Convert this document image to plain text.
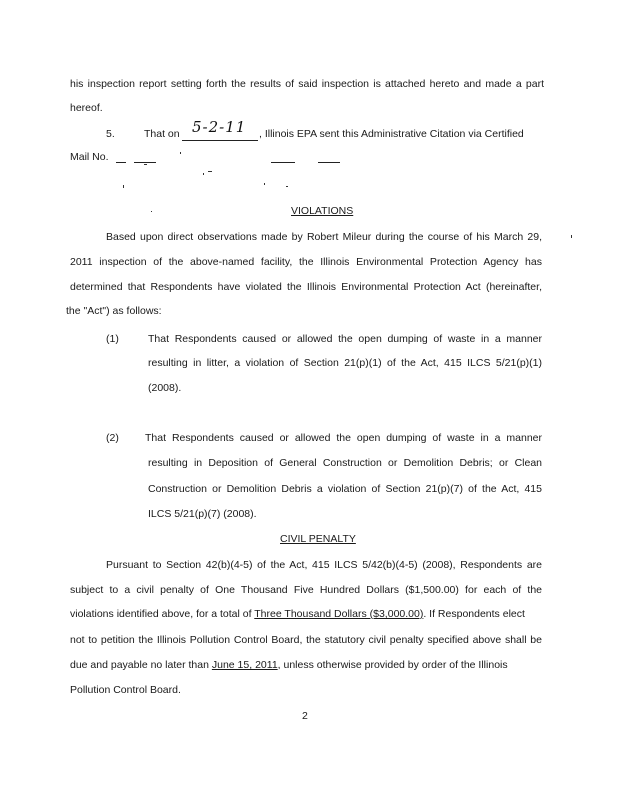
his inspection report setting forth the results of said inspection is attached hereto and made a part
hereof.
5.	That on 5-2-11 , Illinois EPA sent this Administrative Citation via Certified
Mail No.
VIOLATIONS
Based upon direct observations made by Robert Mileur during the course of his March 29,
2011 inspection of the above-named facility, the Illinois Environmental Protection Agency has
determined that Respondents have violated the Illinois Environmental Protection Act (hereinafter,
the "Act") as follows:
(1)	That Respondents caused or allowed the open dumping of waste in a manner
resulting in litter, a violation of Section 21(p)(1) of the Act, 415 ILCS 5/21(p)(1)
(2008).
(2) That Respondents caused or allowed the open dumping of waste in a manner
resulting in Deposition of General Construction or Demolition Debris; or Clean
Construction or Demolition Debris a violation of Section 21(p)(7) of the Act, 415
ILCS 5/21(p)(7) (2008).
CIVIL PENALTY
Pursuant to Section 42(b)(4-5) of the Act, 415 ILCS 5/42(b)(4-5) (2008), Respondents are
subject to a civil penalty of One Thousand Five Hundred Dollars ($1,500.00) for each of the
violations identified above, for a total of Three Thousand Dollars ($3,000.00). If Respondents elect
not to petition the Illinois Pollution Control Board, the statutory civil penalty specified above shall be
due and payable no later than June 15, 2011, unless otherwise provided by order of the Illinois
Pollution Control Board.
2
